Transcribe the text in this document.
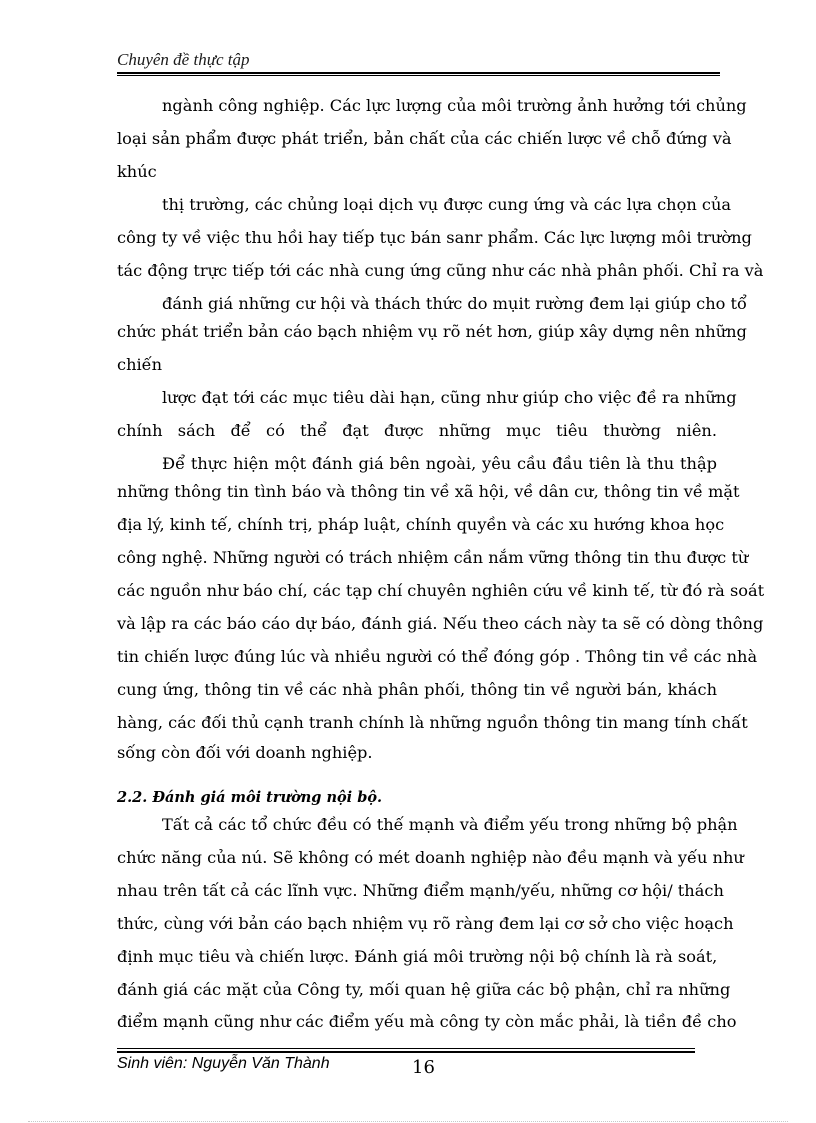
Chuyên đề thực tập
ngành công nghiệp. Các lực lượng của môi trường ảnh hưởng tới chủng
loại sản phẩm được phát triển, bản chất của các chiến lược về chỗ đứng và
khúc
thị trường, các chủng loại dịch vụ được cung ứng và các lựa chọn của
công ty về việc thu hồi hay tiếp tục bán sanr phẩm. Các lực lượng môi trường
tác động trực tiếp tới các nhà cung ứng cũng như các nhà phân phối. Chỉ ra và
đánh giá những cư hội và thách thức do mụit rường đem lại giúp cho tổ
chức phát triển bản cáo bạch nhiệm vụ rõ nét hơn, giúp xây dựng nên những
chiến
lược đạt tới các mục tiêu dài hạn, cũng như giúp cho việc đề ra những
chính sách để có thể đạt được những mục tiêu thường niên.
Để thực hiện một đánh giá bên ngoài, yêu cầu đầu tiên là thu thập
những thông tin tình báo và thông tin về xã hội, về dân cư, thông tin về mặt
địa lý, kinh tế, chính trị, pháp luật, chính quyền và các xu hướng khoa học
công nghệ. Những người có trách nhiệm cần nắm vững thông tin thu được từ
các nguồn như báo chí, các tạp chí chuyên nghiên cứu về kinh tế, từ đó rà soát
và lập ra các báo cáo dự báo, đánh giá. Nếu theo cách này ta sẽ có dòng thông
tin chiến lược đúng lúc và nhiều người có thể đóng góp . Thông tin về các nhà
cung ứng, thông tin về các nhà phân phối, thông tin về người bán, khách
hàng, các đối thủ cạnh tranh chính là những nguồn thông tin mang tính chất
sống còn đối với doanh nghiệp.
2.2. Đánh giá môi trường nội bộ.
Tất cả các tổ chức đều có thế mạnh và điểm yếu trong những bộ phận
chức năng của nú. Sẽ không có mét doanh nghiệp nào đều mạnh và yếu như
nhau trên tất cả các lĩnh vực. Những điểm mạnh/yếu, những cơ hội/ thách
thức, cùng với bản cáo bạch nhiệm vụ rõ ràng đem lại cơ sở cho việc hoạch
định mục tiêu và chiến lược. Đánh giá môi trường nội bộ chính là rà soát,
đánh giá các mặt của Công ty, mối quan hệ giữa các bộ phận, chỉ ra những
điểm mạnh cũng như các điểm yếu mà công ty còn mắc phải, là tiền đề cho
Sinh viên: Nguyễn Văn Thành	16
